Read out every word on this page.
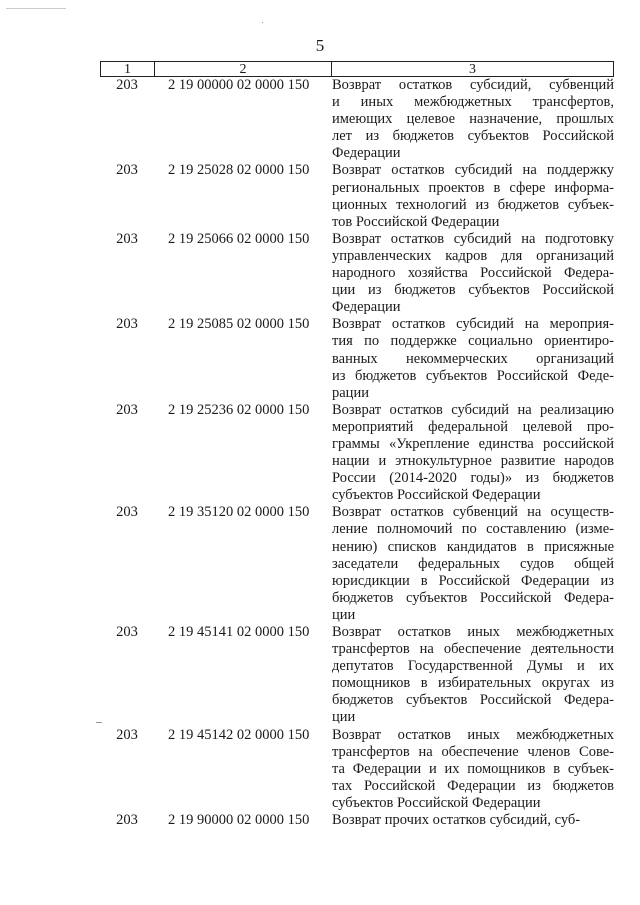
5
1	2	3
203	2 19 00000 02 0000 150	Возврат остатков субсидий, субвенций
и иных межбюджетных трансфертов,
имеющих целевое назначение, прошлых
лет из бюджетов субъектов Российской
Федерации
203	2 19 25028 02 0000 150	Возврат остатков субсидий на поддержку
региональных проектов в сфере информа-
ционных технологий из бюджетов субъек-
тов Российской Федерации
203	2 19 25066 02 0000 150	Возврат остатков субсидий на подготовку
управленческих кадров для организаций
народного хозяйства Российской Федера-
ции из бюджетов субъектов Российской
Федерации
203	2 19 25085 02 0000 150	Возврат остатков субсидий на мероприя-
тия по поддержке социально ориентиро-
ванных некоммерческих организаций
из бюджетов субъектов Российской Феде-
рации
203	2 19 25236 02 0000 150	Возврат остатков субсидий на реализацию
мероприятий федеральной целевой про-
граммы «Укрепление единства российской
нации и этнокультурное развитие народов
России (2014-2020 годы)» из бюджетов
субъектов Российской Федерации
203	2 19 35120 02 0000 150	Возврат остатков субвенций на осуществ-
ление полномочий по составлению (изме-
нению) списков кандидатов в присяжные
заседатели федеральных судов общей
юрисдикции в Российской Федерации из
бюджетов субъектов Российской Федера-
ции
203	2 19 45141 02 0000 150	Возврат остатков иных межбюджетных
трансфертов на обеспечение деятельности
депутатов Государственной Думы и их
помощников в избирательных округах из
бюджетов субъектов Российской Федера-
ции
203	2 19 45142 02 0000 150	Возврат остатков иных межбюджетных
трансфертов на обеспечение членов Сове-
та Федерации и их помощников в субъек-
тах Российской Федерации из бюджетов
субъектов Российской Федерации
203	2 19 90000 02 0000 150	Возврат прочих остатков субсидий, суб-
